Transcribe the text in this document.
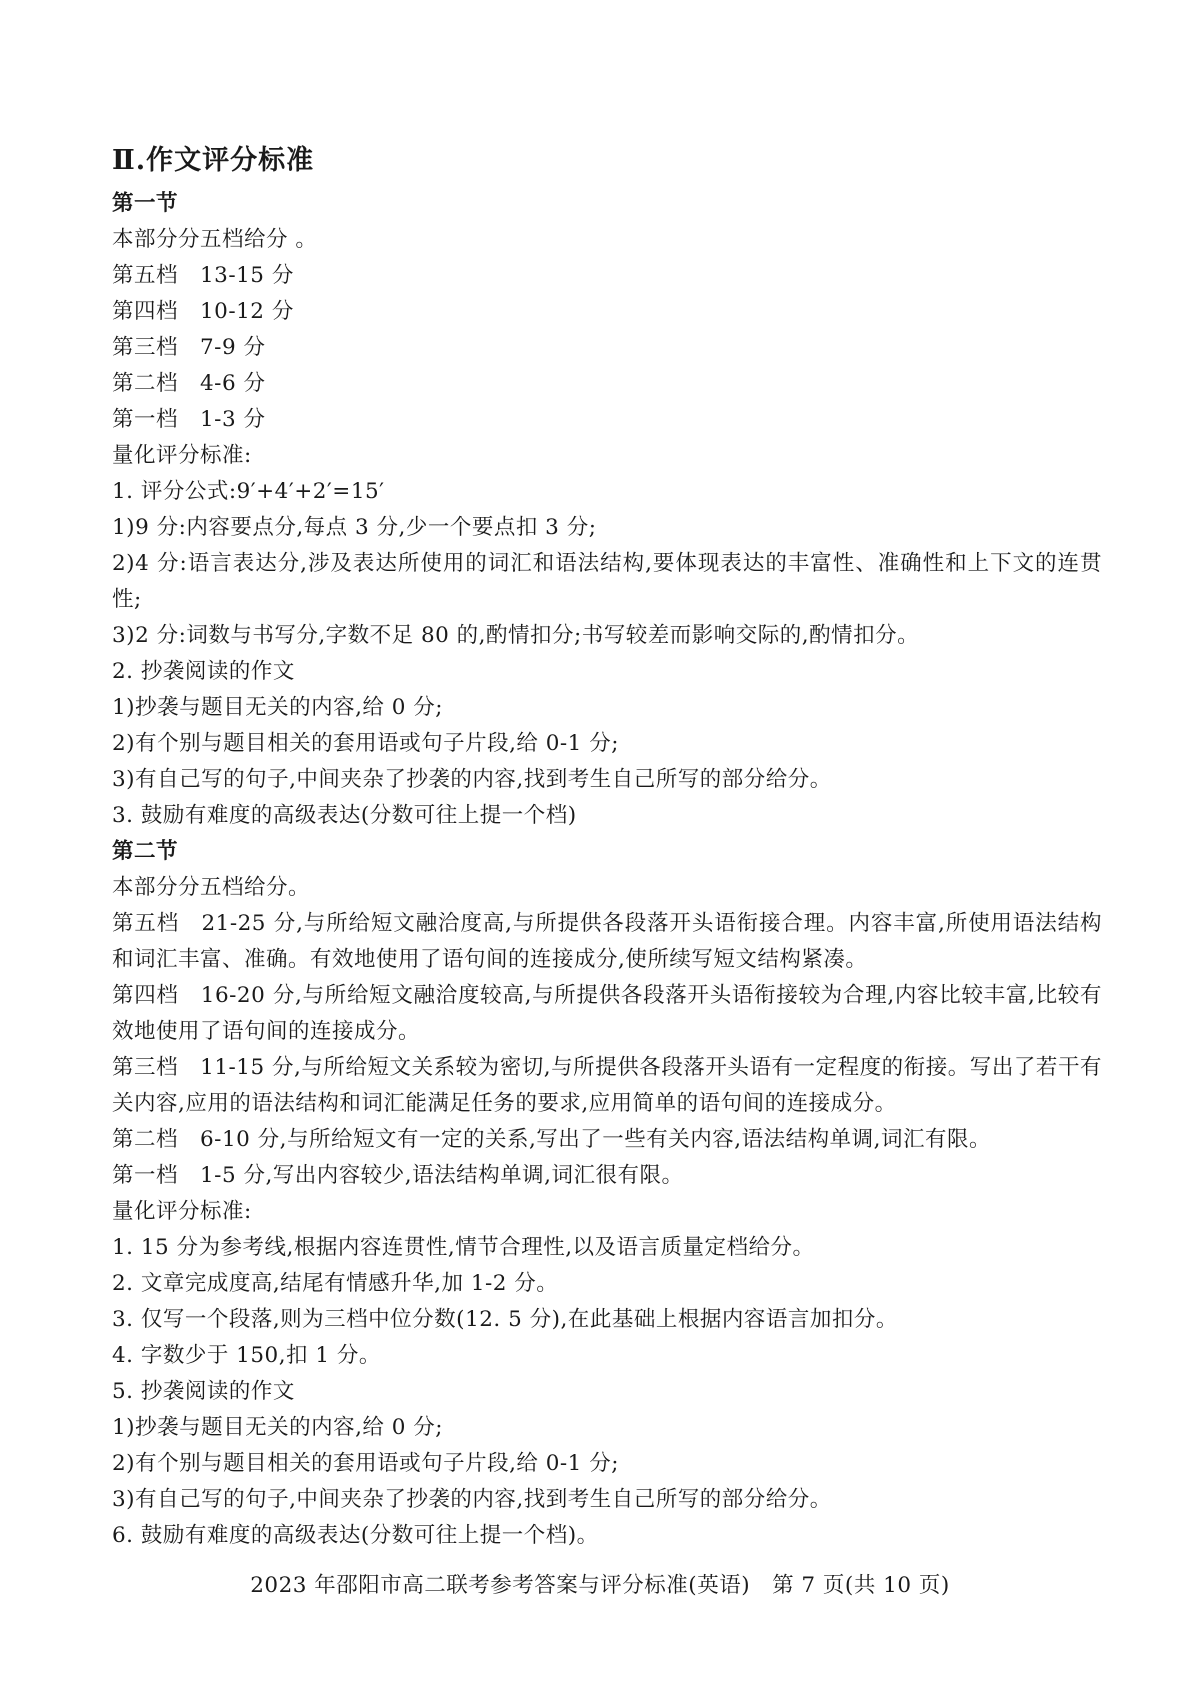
Ⅱ.作文评分标准
第一节
本部分分五档给分 。
第五档　13-15 分
第四档　10-12 分
第三档　7-9 分
第二档　4-6 分
第一档　1-3 分
量化评分标准:
1. 评分公式:9′+4′+2′=15′
1)9 分:内容要点分,每点 3 分,少一个要点扣 3 分;
2)4 分:语言表达分,涉及表达所使用的词汇和语法结构,要体现表达的丰富性、准确性和上下文的连贯性;
3)2 分:词数与书写分,字数不足 80 的,酌情扣分;书写较差而影响交际的,酌情扣分。
2. 抄袭阅读的作文
1)抄袭与题目无关的内容,给 0 分;
2)有个别与题目相关的套用语或句子片段,给 0-1 分;
3)有自己写的句子,中间夹杂了抄袭的内容,找到考生自己所写的部分给分。
3. 鼓励有难度的高级表达(分数可往上提一个档)
第二节
本部分分五档给分。
第五档　21-25 分,与所给短文融洽度高,与所提供各段落开头语衔接合理。内容丰富,所使用语法结构和词汇丰富、准确。有效地使用了语句间的连接成分,使所续写短文结构紧凑。
第四档　16-20 分,与所给短文融洽度较高,与所提供各段落开头语衔接较为合理,内容比较丰富,比较有效地使用了语句间的连接成分。
第三档　11-15 分,与所给短文关系较为密切,与所提供各段落开头语有一定程度的衔接。写出了若干有关内容,应用的语法结构和词汇能满足任务的要求,应用简单的语句间的连接成分。
第二档　6-10 分,与所给短文有一定的关系,写出了一些有关内容,语法结构单调,词汇有限。
第一档　1-5 分,写出内容较少,语法结构单调,词汇很有限。
量化评分标准:
1. 15 分为参考线,根据内容连贯性,情节合理性,以及语言质量定档给分。
2. 文章完成度高,结尾有情感升华,加 1-2 分。
3. 仅写一个段落,则为三档中位分数(12. 5 分),在此基础上根据内容语言加扣分。
4. 字数少于 150,扣 1 分。
5. 抄袭阅读的作文
1)抄袭与题目无关的内容,给 0 分;
2)有个别与题目相关的套用语或句子片段,给 0-1 分;
3)有自己写的句子,中间夹杂了抄袭的内容,找到考生自己所写的部分给分。
6. 鼓励有难度的高级表达(分数可往上提一个档)。
2023 年邵阳市高二联考参考答案与评分标准(英语)　第 7 页(共 10 页)
